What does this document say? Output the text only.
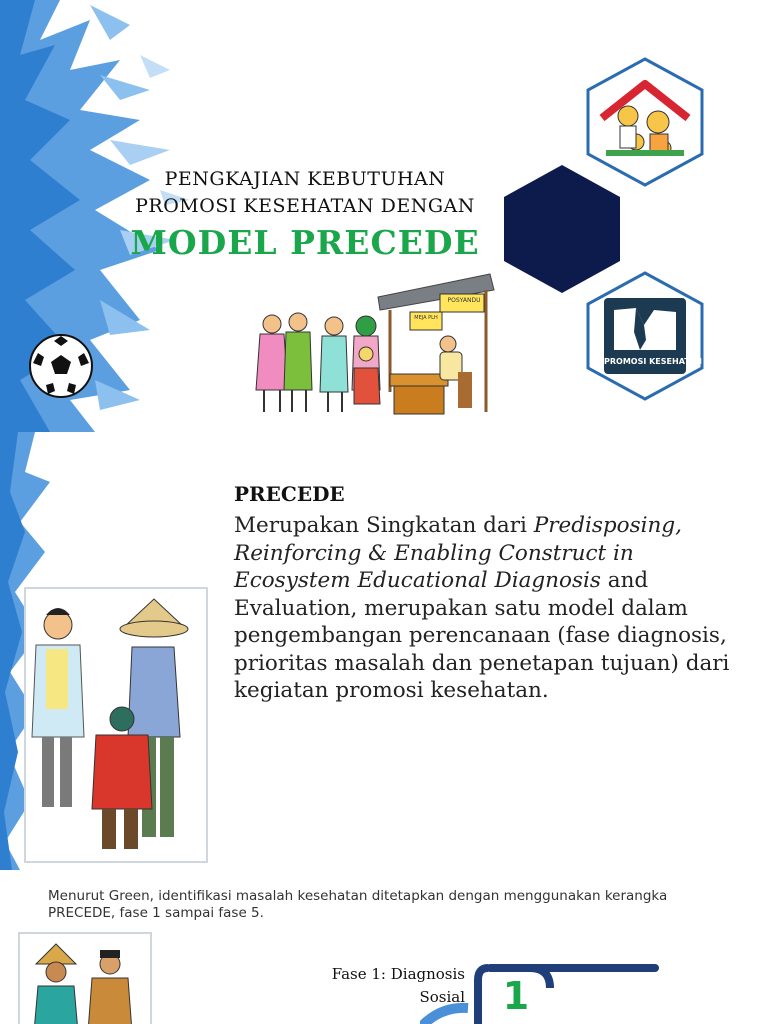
PENGKAJIAN KEBUTUHAN
PROMOSI KESEHATAN DENGAN
MODEL PRECEDE
PROMOSI KESEHATAN
POSYANDU
MEJA PLH
PRECEDE
Merupakan Singkatan dari Predisposing, Reinforcing & Enabling Construct in Ecosystem Educational Diagnosis and Evaluation, merupakan satu model dalam pengembangan perencanaan (fase diagnosis, prioritas masalah dan penetapan tujuan) dari kegiatan promosi kesehatan.
Menurut Green, identifikasi masalah kesehatan ditetapkan dengan menggunakan kerangka PRECEDE, fase 1 sampai fase 5.
Fase 1: Diagnosis
Sosial 1
